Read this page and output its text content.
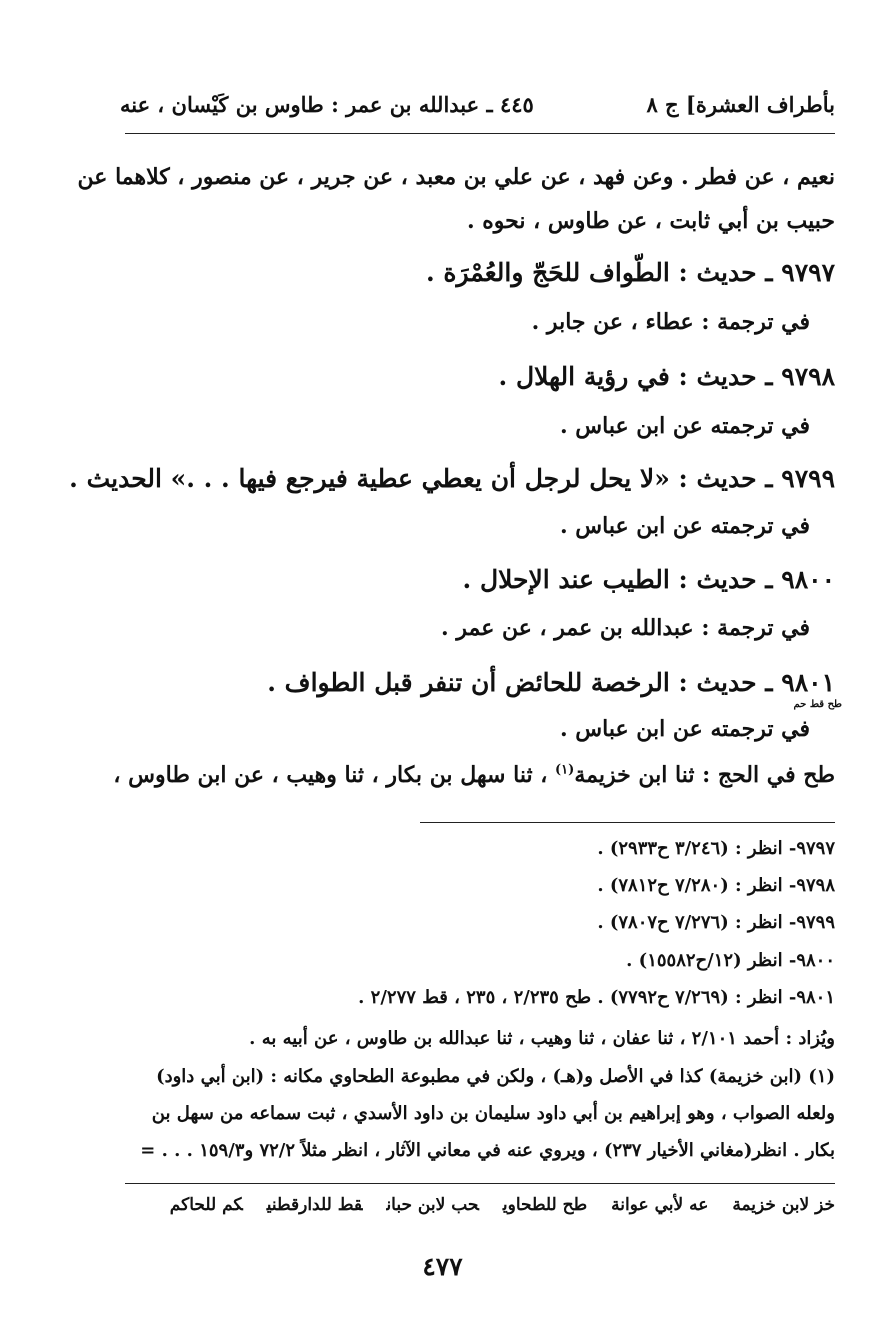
بأطراف العشرة] ج ٨
٤٤٥ ـ عبدالله بن عمر : طاوس بن كَيْسان ، عنه
نعيم ، عن فطر . وعن فهد ، عن علي بن معبد ، عن جرير ، عن منصور ، كلاهما عن
حبيب بن أبي ثابت ، عن طاوس ، نحوه .
٩٧٩٧ ـ حديث : الطّواف للحَجّ والعُمْرَة .
في ترجمة : عطاء ، عن جابر .
٩٧٩٨ ـ حديث : في رؤية الهلال .
في ترجمته عن ابن عباس .
٩٧٩٩ ـ حديث : «لا يحل لرجل أن يعطي عطية فيرجع فيها . . .» الحديث .
في ترجمته عن ابن عباس .
٩٨٠٠ ـ حديث : الطيب عند الإحلال .
في ترجمة : عبدالله بن عمر ، عن عمر .
٩٨٠١ ـ حديث : الرخصة للحائض أن تنفر قبل الطواف .
طح قط حم
في ترجمته عن ابن عباس .
طح في الحج : ثنا ابن خزيمة$^{(١)}$ ، ثنا سهل بن بكار ، ثنا وهيب ، عن ابن طاوس ،
٩٧٩٧- انظر : (٣/٢٤٦ ح٢٩٣٣) .
٩٧٩٨- انظر : (٧/٢٨٠ ح٧٨١٢) .
٩٧٩٩- انظر : (٧/٢٧٦ ح٧٨٠٧) .
٩٨٠٠- انظر (١٢/ح١٥٥٨٢) .
٩٨٠١- انظر : (٧/٢٦٩ ح٧٧٩٢) . طح ٢/٢٣٥ ، ٢٣٥ ، قط ٢/٢٧٧ .
ويُزاد : أحمد ٢/١٠١ ، ثنا عفان ، ثنا وهيب ، ثنا عبدالله بن طاوس ، عن أبيه به .
(١) (ابن خزيمة) كذا في الأصل و(هـ) ، ولكن في مطبوعة الطحاوي مكانه : (ابن أبي داود)
ولعله الصواب ، وهو إبراهيم بن أبي داود سليمان بن داود الأسدي ، ثبت سماعه من سهل بن
بكار . انظر(مغاني الأخيار ٢٣٧) ، ويروي عنه في معاني الآثار ، انظر مثلاً ٧٢/٢ و١٥٩/٣ . . . =
خز لابن خزيمةعه لأبي عوانةطح للطحاويحب لابن حبانقط للدارقطنيكم للحاكم
٤٧٧
